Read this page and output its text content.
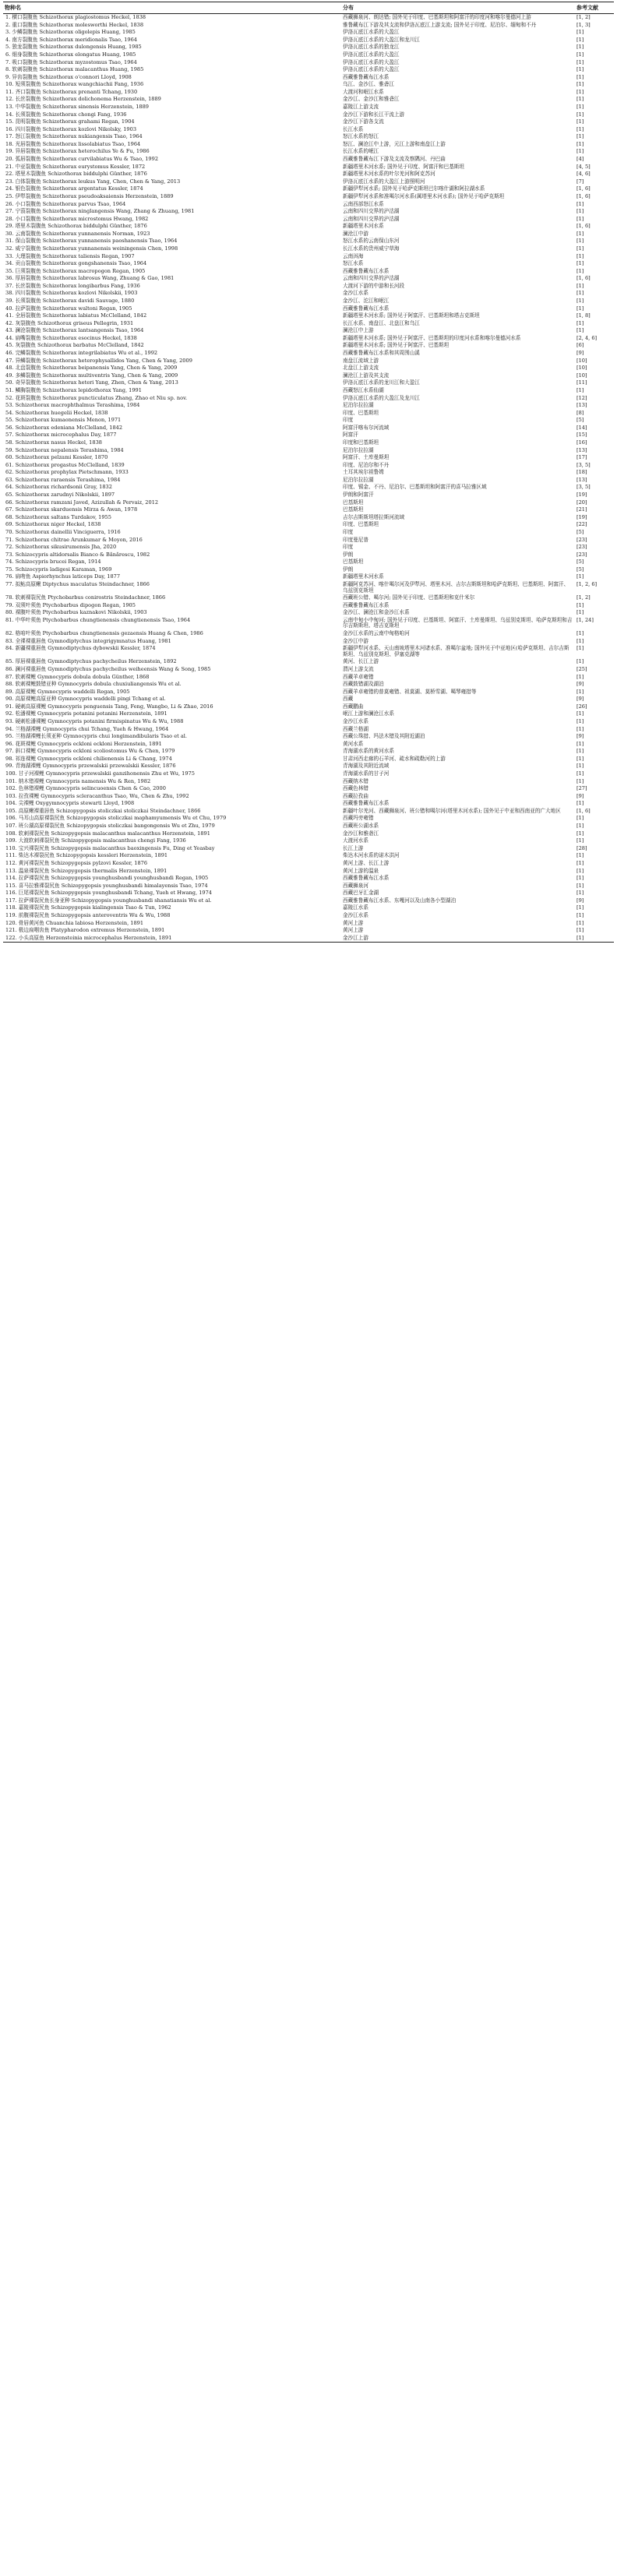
物种名	分布	参考文献
1. 横口裂腹鱼 Schizothorax plagiostomus Heckel, 1838	西藏狮泉河、朗达错; 国外见于印度、巴基斯坦和阿富汗的印度河和喀尔曼德河上游	[1, 2]
2. 重口裂腹鱼 Schizothorax molesworthi Heckel, 1838	雅鲁藏布江下游及其支流和伊洛瓦底江上游支流; 国外见于印度、尼泊尔、缅甸和不丹	[1, 3]
3. 少鳞裂腹鱼 Schizothorax oligolepis Huang, 1985	伊洛瓦底江水系的大盈江	[1]
4. 南方裂腹鱼 Schizothorax meridionalis Tsao, 1964	伊洛瓦底江水系的大盈江和龙川江	[1]
5. 独龙裂腹鱼 Schizothorax dulongensis Huang, 1985	伊洛瓦底江水系的独龙江	[1]
6. 细身裂腹鱼 Schizothorax elongatus Huang, 1985	伊洛瓦底江水系的大盈江	[1]
7. 吸口裂腹鱼 Schizothorax myzostomus Tsao, 1964	伊洛瓦底江水系的大盈江	[1]
8. 软刺裂腹鱼 Schizothorax malacanthus Huang, 1985	伊洛瓦底江水系的大盈江	[1]
9. 异齿裂腹鱼 Schizothorax o'connori Lloyd, 1908	西藏雅鲁藏布江水系	[1]
10. 短须裂腹鱼 Schizothorax wangchiachii Fang, 1936	乌江、金沙江、雅砻江	[1]
11. 齐口裂腹鱼 Schizothorax prenanti Tchang, 1930	大渡河和岷江水系	[1]
12. 长丝裂腹鱼 Schizothorax dolichonema Herzenstein, 1889	金沙江、金沙江和雅砻江	[1]
13. 中华裂腹鱼 Schizothorax sinensis Herzenstein, 1889	嘉陵江上游支流	[1]
14. 长须裂腹鱼 Schizothorax chongi Fang, 1936	金沙江下游和长江干流上游	[1]
15. 昆明裂腹鱼 Schizothorax grahami Regan, 1904	金沙江下游各支流	[1]
16. 四川裂腹鱼 Schizothorax kozlovi Nikolsky, 1903	长江水系	[1]
17. 怒江裂腹鱼 Schizothorax nukiangensis Tsao, 1964	怒江水系的怒江	[1]
18. 光唇裂腹鱼 Schizothorax lissolabiatus Tsao, 1964	怒江、澜沧江中上游，元江上游和南盘江上游	[1]
19. 异唇裂腹鱼 Schizothorax heterochilus Ye & Fu, 1986	长江水系的岷江	[1]
20. 弧唇裂腹鱼 Schizothorax curvilabiatus Wu & Tsao, 1992	西藏雅鲁藏布江下游及支流及察隅河、丹巴曲	[4]
21. 中亚裂腹鱼 Schizothorax eurystomus Kessler, 1872	新疆塔里木河水系; 国外见于印度、阿富汗和巴基斯坦	[4, 5]
22. 塔里木裂腹鱼 Schizothorax biddulphi Günther, 1876	新疆塔里木河水系的叶尔羌河和阿克苏河	[4, 6]
23. 白体裂腹鱼 Schizothorax leukus Yang, Chen, Chen & Yang, 2013	伊洛瓦底江水系的大盈江上游照明河	[7]
24. 银色裂腹鱼 Schizothorax argentatus Kessler, 1874	新疆伊犁河水系; 国外见于哈萨克斯坦巴尔喀什湖和阿拉湖水系	[1, 6]
25. 伊犁裂腹鱼 Schizothorax pseudoaksaiensis Herzenstein, 1889	新疆伊犁河水系和准噶尔河水系(属塔里木河水系); 国外见于哈萨克斯坦	[1, 6]
26. 小口裂腹鱼 Schizothorax parvus Tsao, 1964	云南西部怒江水系	[1]
27. 宁蒗裂腹鱼 Schizothorax ninglangensis Wang, Zhang & Zhuang, 1981	云南和四川交界的泸沽湖	[1]
28. 小口裂腹鱼 Schizothorax microstomus Hwang, 1982	云南和四川交界的泸沽湖	[1]
29. 塔里木裂腹鱼 Schizothorax biddulphi Günther, 1876	新疆塔里木河水系	[1, 6]
30. 云南裂腹鱼 Schizothorax yunnanensis Norman, 1923	澜沧江中游	[1]
31. 保山裂腹鱼 Schizothorax yunnanensis paoshanensis Tsao, 1964	怒江水系的云南保山东河	[1]
32. 威宁裂腹鱼 Schizothorax yunnanensis weiningensis Chen, 1998	长江水系的贵州威宁草海	[1]
33. 大理裂腹鱼 Schizothorax taliensis Regan, 1907	云南洱海	[1]
34. 贡山裂腹鱼 Schizothorax gongshanensis Tsao, 1964	怒江水系	[1]
35. 巨须裂腹鱼 Schizothorax macropogon Regan, 1905	西藏雅鲁藏布江水系	[1]
36. 厚唇裂腹鱼 Schizothorax labrosus Wang, Zhuang & Gao, 1981	云南和四川交界的泸沽湖	[1, 6]
37. 长丝裂腹鱼 Schizothorax longibarbus Fang, 1936	大渡河下游的中游和长河段	[1]
38. 四川裂腹鱼 Schizothorax kozlovi Nikolskii, 1903	金沙江水系	[1]
39. 长须裂腹鱼 Schizothorax davidi Sauvage, 1880	金沙江、沱江和岷江	[1]
40. 拉萨裂腹鱼 Schizothorax waltoni Regan, 1905	西藏雅鲁藏布江水系	[1]
41. 全唇裂腹鱼 Schizothorax labiatus McClelland, 1842	新疆塔里木河水系; 国外见于阿富汗、巴基斯坦和塔吉克斯坦	[1, 8]
42. 灰裂腹鱼 Schizothorax griseus Pellegrin, 1931	长江水系、南盘江、北盘江和乌江	[1]
43. 澜沧裂腹鱼 Schizothorax lantsangensis Tsao, 1964	澜沧江中上游	[1]
44. 扁嘴裂腹鱼 Schizothorax esocinus Heckel, 1838	新疆塔里木河水系; 国外见于阿富汗、巴基斯坦的印度河水系和喀尔曼德河水系	[2, 4, 6]
45. 灰裂腹鱼 Schizothorax barbatus McClelland, 1842	新疆塔里木河水系; 国外见于阿富汗、巴基斯坦	[6]
46. 完鳞裂腹鱼 Schizothorax integrilabiatus Wu et al., 1992	西藏雅鲁藏布江水系和其周围山溪	[9]
47. 异鳞裂腹鱼 Schizothorax heterophysallidos Yang, Chen & Yang, 2009	南盘江流域上游	[10]
48. 北盘裂腹鱼 Schizothorax beipanensis Yang, Chen & Yang, 2009	北盘江上游支流	[10]
49. 多鳞裂腹鱼 Schizothorax multiventris Yang, Chen & Yang, 2009	澜沧江上游及其支流	[10]
50. 奇异裂腹鱼 Schizothorax heteri Yang, Zhen, Chen & Yang, 2013	伊洛瓦底江水系的龙川江和大盈江	[11]
51. 鳞胸裂腹鱼 Schizothorax lepidothorax Yang, 1991	西藏怒江水系仙湖	[1]
52. 花斑裂腹鱼 Schizothorax puncticulatus Zhang, Zhao et Niu sp. nov.	伊洛瓦底江水系的大盈江及龙川江	[12]
53. Schizothorax macrophthalmus Terashima, 1984	尼泊尔拉拉湖	[13]
54. Schizothorax huegelii Heckel, 1838	印度、巴基斯坦	[8]
55. Schizothorax kumaonensis Menon, 1971	印度	[5]
56. Schizothorax edeniana McClelland, 1842	阿富汗喀布尔河流域	[14]
57. Schizothorax microcephalus Day, 1877	阿富汗	[15]
58. Schizothorax nasus Heckel, 1838	印度和巴基斯坦	[16]
59. Schizothorax nepalensis Terashima, 1984	尼泊尔拉拉湖	[13]
60. Schizothorax pelzami Kessler, 1870	阿富汗、土库曼斯坦	[17]
61. Schizothorax progastus McClelland, 1839	印度、尼泊尔和不丹	[3, 5]
62. Schizothorax prophylax Pietschmann, 1933	土耳其埃尔祖鲁姆	[18]
63. Schizothorax raraensis Terashima, 1984	尼泊尔拉拉湖	[13]
64. Schizothorax richardsonii Gray, 1832	印度、锡金、不丹、尼泊尔、巴基斯坦和阿富汗的喜马拉雅区域	[3, 5]
65. Schizothorax zarudnyi Nikolskii, 1897	伊朗和阿富汗	[19]
66. Schizothorax ramzani Javed, Azizullah & Pervaiz, 2012	巴基斯坦	[20]
67. Schizothorax skarduensis Mirza & Awan, 1978	巴基斯坦	[21]
68. Schizothorax saltans Turdakov, 1955	吉尔吉斯斯坦塔拉斯河流域	[19]
69. Schizothorax niger Heckel, 1838	印度、巴基斯坦	[22]
70. Schizothorax dainellii Vinciguerra, 1916	印度	[5]
71. Schizothorax chitrae Arunkumar & Moyon, 2016	印度曼尼普	[23]
72. Schizothorax sikusirumensis Jha, 2020	印度	[23]
73. Schizocypris altidorsalis Bianco & Bănărescu, 1982	伊朗	[23]
74. Schizocypris brucei Regan, 1914	巴基斯坦	[5]
75. Schizocypris ladigesi Karaman, 1969	伊朗	[5]
76. 扁吻鱼 Aspiorhynchus laticeps Day, 1877	新疆塔里木河水系	[1]
77. 拟鲇高原鳅 Diptychus maculatus Steindachner, 1866	新疆阿克苏河、喀什噶尔河及伊犁河、塔里木河、吉尔吉斯斯坦和哈萨克斯坦、巴基斯坦、阿富汗、乌兹别克斯坦	[1, 2, 6]
78. 软刺裸裂尻鱼 Ptychobarbus conirostris Steindachner, 1866	西藏班公错、噶尔河; 国外见于印度、巴基斯坦和克什米尔	[1, 2]
79. 双须叶须鱼 Ptychobarbus dipogon Regan, 1905	西藏雅鲁藏布江水系	[1]
80. 裸腹叶须鱼 Ptychobarbus kaznakovi Nikolskii, 1903	金沙江、澜沧江和金沙江水系	[1]
81. 中华叶须鱼 Ptychobarbus chungtienensis chungtienensis Tsao, 1964	云南中甸小中甸河; 国外见于印度、巴基斯坦、阿富汗、土库曼斯坦、乌兹别克斯坦、哈萨克斯坦和吉尔吉斯斯坦、塔吉克斯坦	[1, 24]
82. 格咱叶须鱼 Ptychobarbus chungtienensis gezaensis Huang & Chen, 1986	金沙江水系的云南中甸格咱河	[1]
83. 全裸裸重唇鱼 Gymnodiptychus integrigymnatus Huang, 1981	金沙江中游	[1]
84. 新疆裸重唇鱼 Gymnodiptychus dybowskii Kessler, 1874	新疆伊犁河水系、天山南坡塔里木河诸水系、准噶尔盆地; 国外见于中亚地区(哈萨克斯坦、吉尔吉斯斯坦、乌兹别克斯坦、伊塞克湖等	[1]
85. 厚唇裸重唇鱼 Gymnodiptychus pachycheilus Herzenstein, 1892	黄河、长江上游	[1]
86. 澜河裸重唇鱼 Gymnodiptychus pachycheilus weiheensis Wang & Song, 1985	渭河上游支流	[25]
87. 软刺裸鲤 Gymnocypris dobula dobula Günther, 1868	西藏羊卓雍错	[1]
88. 软刺裸鲤鼓错亚种 Gymnocypris dobula chuxiuliangensis Wu et al.	西藏鼓错湖及湖泊	[9]
89. 高原裸鲤 Gymnocypris waddelli Regan, 1905	西藏羊卓雍错的普莫雍错、祖莫湖、莫桥雪湖、噶琴雍措等	[1]
90. 高原裸鲤高原亚种 Gymnocypris waddelli pingi Tchang et al.	西藏	[9]
91. 硬刺高原裸鲤 Gymnocypris penguensis Tang, Feng, Wangbo, Li & Zhao, 2016	西藏鹏曲	[26]
92. 松潘裸鲤 Gymnocypris potanini potanini Herzenstein, 1891	岷江上游和澜沧江水系	[1]
93. 硬刺松潘裸鲤 Gymnocypris potanini firmispinatus Wu & Wu, 1988	金沙江水系	[1]
94. 兰格湖裸鲤 Gymnocypris chui Tchang, Yueh & Hwang, 1964	西藏兰格湖	[1]
95. 兰格湖裸鲤长须亚种 Gymnocypris chui longimandibularis Tsao et al.	西藏公珠措、玛法木错及其附近湖泊	[9]
96. 花斑裸鲤 Gymnocypris eckloni eckloni Herzenstein, 1891	黄河水系	[1]
97. 斜口裸鲤 Gymnocypris eckloni scoliostomus Wu & Chen, 1979	青海湖水系的黄河水系	[1]
98. 祁连裸鲤 Gymnocypris eckloni chilienensis Li & Chang, 1974	甘肃河西走廊的石羊河、疏水和疏勒河的上游	[1]
99. 青海湖裸鲤 Gymnocypris przewalskii przewalskii Kessler, 1876	青海湖及其附近流域	[1]
100. 甘子河裸鲤 Gymnocypris przewalskii ganzihonensis Zhu et Wu, 1975	青海湖水系的甘子河	[1]
101. 纳木错裸鲤 Gymnocypris namensis Wu & Ren, 1982	西藏纳木错	[1]
102. 色林错裸鲤 Gymnocypris selincuoensis Chen & Cao, 2000	西藏色林错	[27]
103. 拉孜裸鲤 Gymnocypris scleracanthus Tsao, Wu, Chen & Zhu, 1992	西藏拉孜曲	[9]
104. 尖裸鲤 Oxygymnocypris stewarti Lloyd, 1908	西藏雅鲁藏布江水系	[1]
105. 高原鳅裸重唇鱼 Schizopygopsis stoliczkai stoliczkai Steindachner, 1866	新疆叶尔羌河、西藏狮泉河、班公错和噶尔河(塔里木河水系); 国外见于中亚和西南亚的广大地区	[1, 6]
106. 马耳山高原裸裂尻鱼 Schizopygopsis stoliczkai maphamyumensis Wu et Chu, 1979	西藏玛旁雍错	[1]
107. 班公湖高原裸裂尻鱼 Schizopygopsis stoliczkai bangongensis Wu et Zhu, 1979	西藏班公湖水系	[1]
108. 软刺裸裂尻鱼 Schizopygopsis malacanthus malacanthus Herzenstein, 1891	金沙江和雅砻江	[1]
109. 大渡软刺裸裂尻鱼 Schizopygopsis malacanthus chengi Fang, 1936	大渡河水系	[1]
110. 宝兴裸裂尻鱼 Schizopygopsis malacanthus baoxingensis Fu, Ding et Yeasbay	长江上游	[28]
111. 柴达木裸裂尻鱼 Schizopygopsis kessleri Herzenstein, 1891	柴达木河水系的诺木洪河	[1]
112. 黄河裸裂尻鱼 Schizopygopsis pylzovi Kessler, 1876	黄河上游、长江上游	[1]
113. 温泉裸裂尻鱼 Schizopygopsis thermalis Herzenstein, 1891	黄河上游的温泉	[1]
114. 拉萨裸裂尻鱼 Schizopygopsis younghusbandi younghusbandi Regan, 1905	西藏雅鲁藏布江水系	[1]
115. 喜马拉雅裸裂尻鱼 Schizopygopsis younghusbandi himalayensis Tsao, 1974	西藏狮泉河	[1]
116. 巨尾裸裂尻鱼 Schizopygopsis younghusbandi Tchang, Yueh et Hwang, 1974	西藏巴牙汇金湖	[1]
117. 拉萨裸裂尻鱼长身亚种 Schizopygopsis younghusbandi shanatiansis Wu et al.	西藏雅鲁藏布江水系、东嘎河以及山南各小型湖泊	[9]
118. 嘉陵裸裂尻鱼 Schizopygopsis kialingensis Tsao & Tun, 1962	嘉陵江水系	[1]
119. 前腹裸裂尻鱼 Schizopygopsis anteroventris Wu & Wu, 1988	金沙江水系	[1]
120. 骨唇黄河鱼 Chuanchia labiosa Herzenstein, 1891	黄河上游	[1]
121. 极边扁咽齿鱼 Platypharodon extremus Herzenstein, 1891	黄河上游	[1]
122. 小头高原鱼 Herzensteinia microcephalus Herzenstein, 1891	金沙江上游	[1]
